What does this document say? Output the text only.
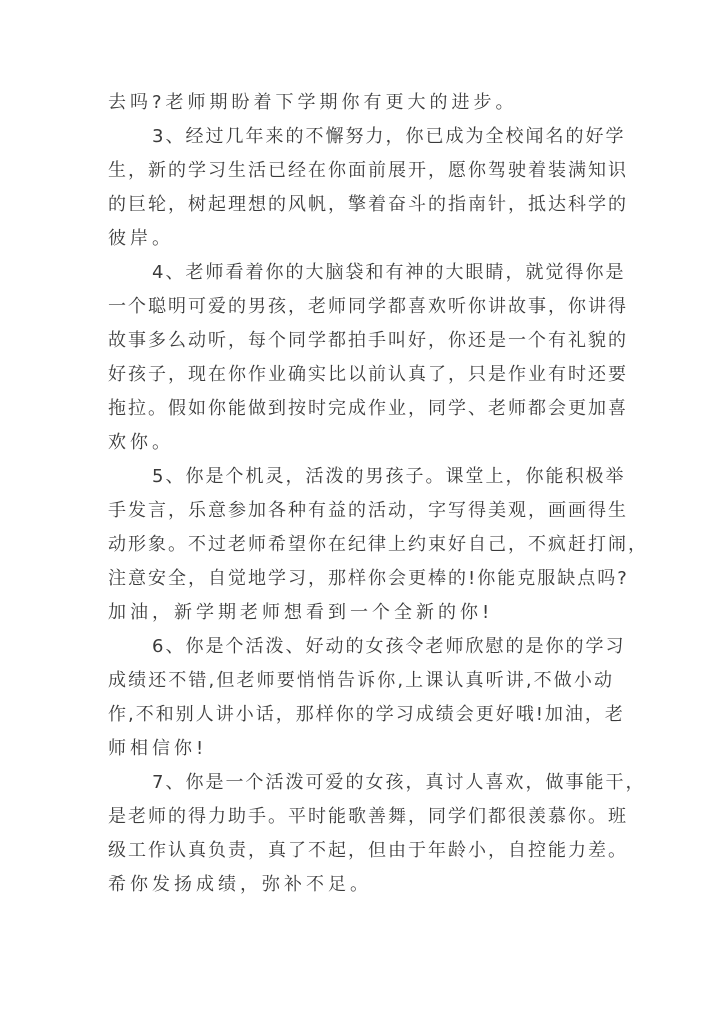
去吗?老师期盼着下学期你有更大的进步。
3、经过几年来的不懈努力，你已成为全校闻名的好学
生，新的学习生活已经在你面前展开，愿你驾驶着装满知识
的巨轮，树起理想的风帆，擎着奋斗的指南针，抵达科学的
彼岸。
4、老师看着你的大脑袋和有神的大眼睛，就觉得你是
一个聪明可爱的男孩，老师同学都喜欢听你讲故事，你讲得
故事多么动听，每个同学都拍手叫好，你还是一个有礼貌的
好孩子，现在你作业确实比以前认真了，只是作业有时还要
拖拉。假如你能做到按时完成作业，同学、老师都会更加喜
欢你。
5、你是个机灵，活泼的男孩子。课堂上，你能积极举
手发言，乐意参加各种有益的活动，字写得美观，画画得生
动形象。不过老师希望你在纪律上约束好自己，不疯赶打闹，
注意安全，自觉地学习，那样你会更棒的!你能克服缺点吗?
加油，新学期老师想看到一个全新的你!
6、你是个活泼、好动的女孩令老师欣慰的是你的学习
成绩还不错,但老师要悄悄告诉你,上课认真听讲,不做小动
作,不和别人讲小话，那样你的学习成绩会更好哦!加油，老
师相信你!
7、你是一个活泼可爱的女孩，真讨人喜欢，做事能干，
是老师的得力助手。平时能歌善舞，同学们都很羡慕你。班
级工作认真负责，真了不起，但由于年龄小，自控能力差。
希你发扬成绩，弥补不足。
